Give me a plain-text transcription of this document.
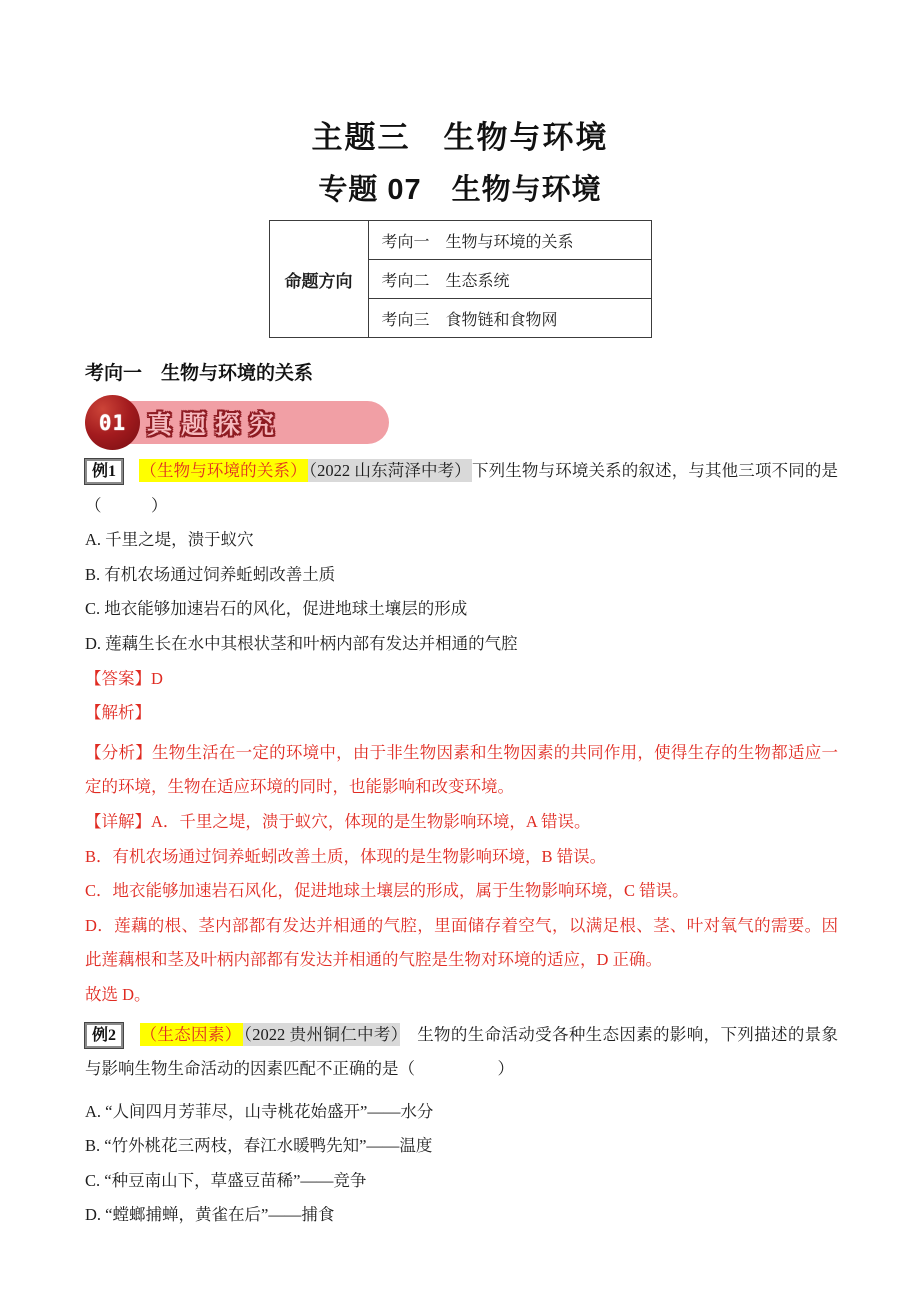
主题三　生物与环境
专题 07　生物与环境
命题方向	考向一　生物与环境的关系
考向二　生态系统
考向三　食物链和食物网
考向一　生物与环境的关系
真题探究
01

例1 （生物与环境的关系） （2022 山东菏泽中考）下列生物与环境关系的叙述，与其他三项不同的是（　　　）

A. 千里之堤，溃于蚁穴

B. 有机农场通过饲养蚯蚓改善土质

C. 地衣能够加速岩石的风化，促进地球土壤层的形成

D. 莲藕生长在水中其根状茎和叶柄内部有发达并相通的气腔

【答案】D

【解析】

【分析】生物生活在一定的环境中，由于非生物因素和生物因素的共同作用，使得生存的生物都适应一定的环境，生物在适应环境的同时，也能影响和改变环境。

【详解】A．千里之堤，溃于蚁穴，体现的是生物影响环境，A 错误。

B．有机农场通过饲养蚯蚓改善土质，体现的是生物影响环境，B 错误。

C．地衣能够加速岩石风化，促进地球土壤层的形成，属于生物影响环境，C 错误。

D．莲藕的根、茎内部都有发达并相通的气腔，里面储存着空气，以满足根、茎、叶对氧气的需要。因此莲藕根和茎及叶柄内部都有发达并相通的气腔是生物对环境的适应，D 正确。

故选 D。

例2 （生态因素） （2022 贵州铜仁中考）　生物的生命活动受各种生态因素的影响，下列描述的景象与影响生物生命活动的因素匹配不正确的是（　　　　　）

A. “人间四月芳菲尽，山寺桃花始盛开”——水分

B. “竹外桃花三两枝，春江水暖鸭先知”——温度

C. “种豆南山下，草盛豆苗稀”——竞争

D. “螳螂捕蝉，黄雀在后”——捕食
